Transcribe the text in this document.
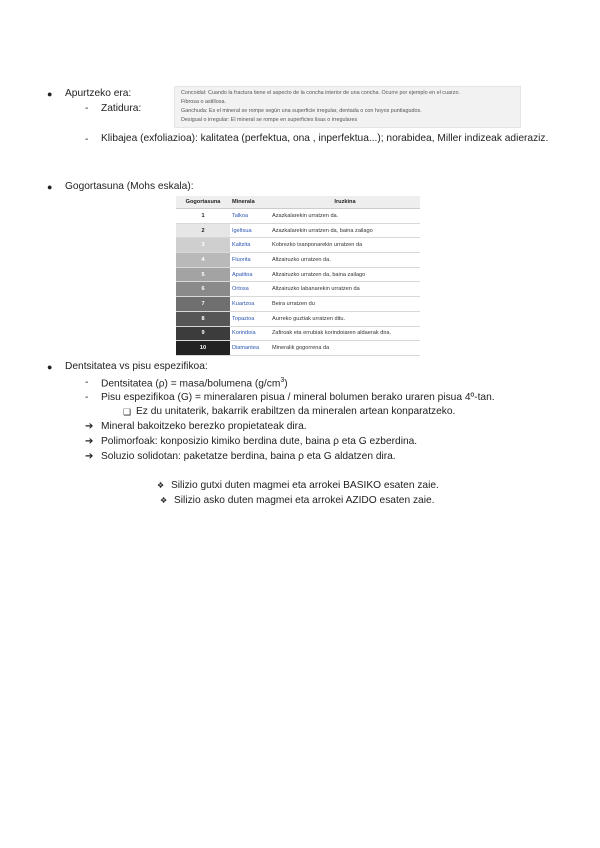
● Apurtzeko era:
- Zatidura:
Concoidal: Cuando la fractura tiene el aspecto de la concha interior de una concha. Ocurre por ejemplo en el cuarzo.
Fibrosa o astillosa.
Ganchuda: Es el mineral se rompe según una superficie irregular, dentada o con hoyos puntiagudos.
Desigual o irregular: El mineral se rompe en superficies lisas o irregulares
- Klibajea (exfoliazioa): kalitatea (perfektua, ona , inperfektua...); norabidea, Miller indizeak adieraziz.
● Gogortasuna (Mohs eskala):
Gogortasuna	Minerala	Iruzkina
1	Talkoa	Azazkalarekin urratzen da.
2	Igeltsua	Azazkalarekin urratzen da, baina zailago
3	Kaltzita	Kobrezko txanponarekin urratzen da
4	Fluorita	Altzairuzko urratzen da.
5	Apatitoa	Altzairuzko urratzen da, baina zailago
6	Ortosa	Altzairuzko labanarekin urratzen da
7	Kuartzoa	Beira urratzen du
8	Topazioa	Aurreko guztiak urratzen ditu.
9	Korindoia	Zafiroak eta errubiak korindoiaren aldaerak dira.
10	Diamantea	Mineralik gogorrena da
● Dentsitatea vs pisu espezifikoa:
- Dentsitatea (ρ) = masa/bolumena $(g/cm^3)$
- Pisu espezifikoa (G) = mineralaren pisua / mineral bolumen berako uraren pisua 4º-tan.
❏ Ez du unitaterik, bakarrik erabiltzen da mineralen artean konparatzeko.
➔ Mineral bakoitzeko berezko propietateak dira.
➔ Polimorfoak: konposizio kimiko berdina dute, baina ρ eta G ezberdina.
➔ Soluzio solidotan: paketatze berdina, baina ρ eta G aldatzen dira.
❖ Silizio gutxi duten magmei eta arrokei BASIKO esaten zaie.
❖ Silizio asko duten magmei eta arrokei AZIDO esaten zaie.
